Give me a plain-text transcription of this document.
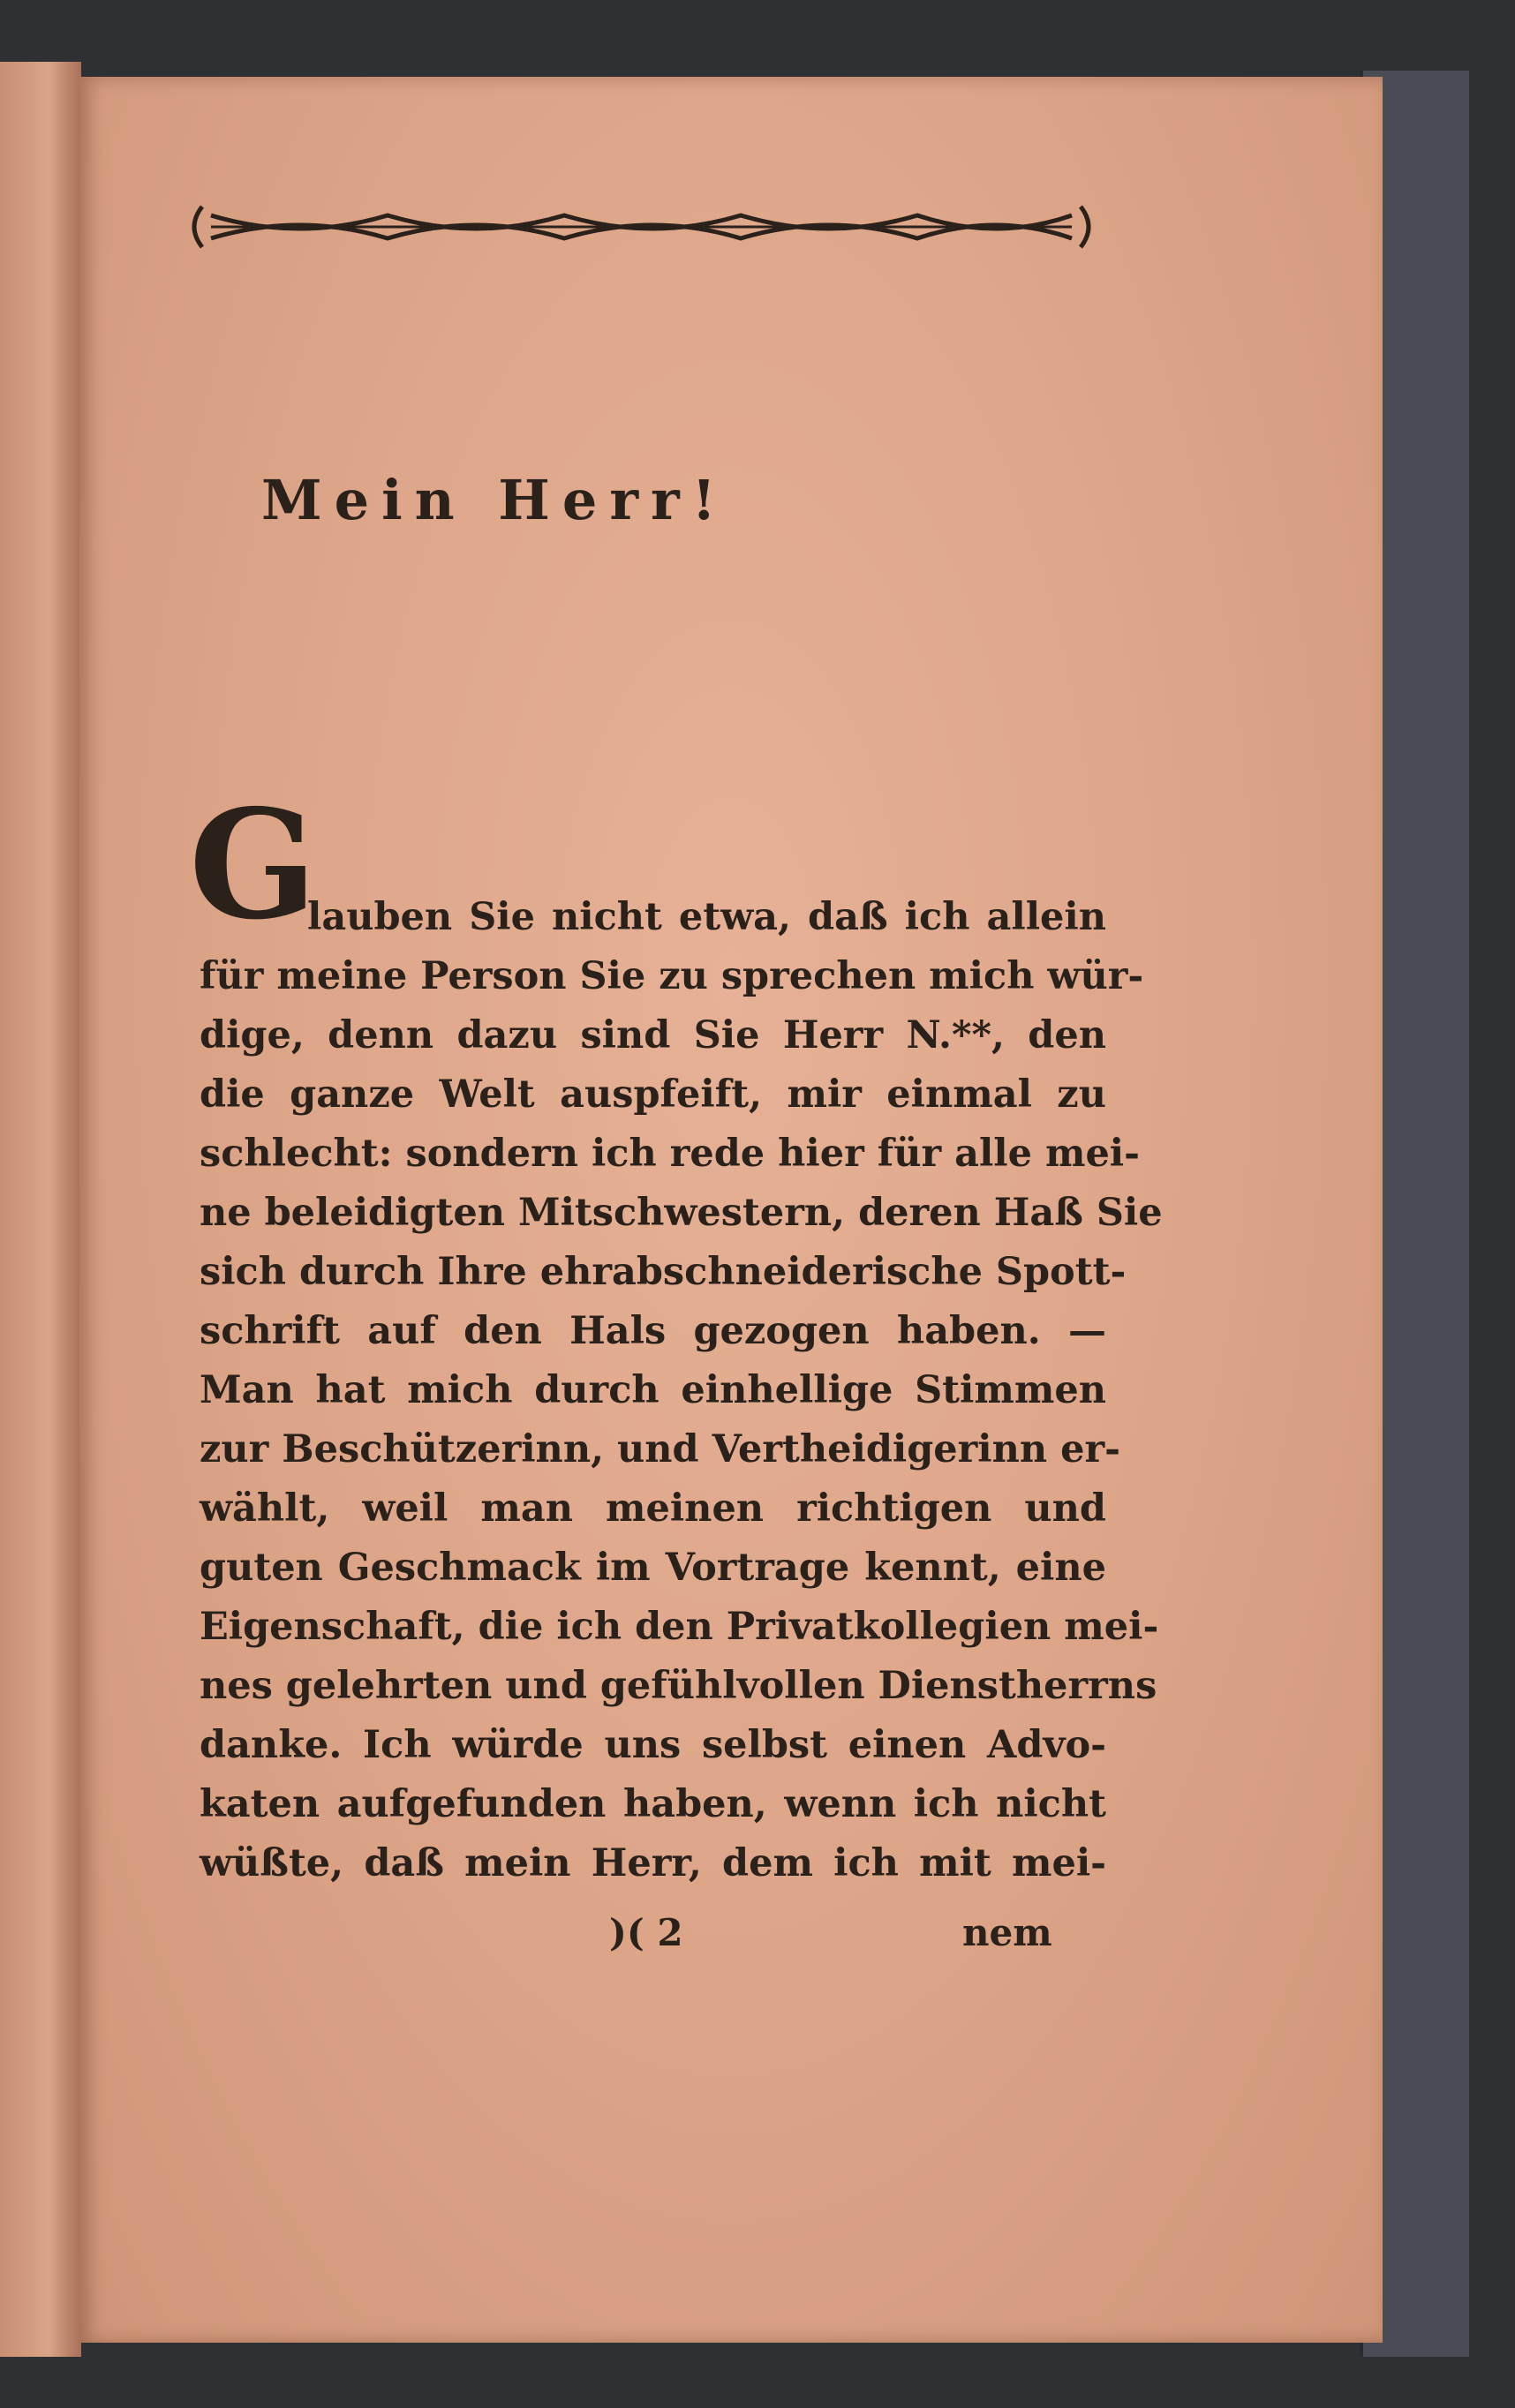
Mein Herr!
G
lauben Sie nicht etwa, daß ich allein
für meine Person Sie zu sprechen mich wür-
dige, denn dazu sind Sie Herr N.**, den
die ganze Welt auspfeift, mir einmal zu
schlecht: sondern ich rede hier für alle mei-
ne beleidigten Mitschwestern, deren Haß Sie
sich durch Ihre ehrabschneiderische Spott-
schrift auf den Hals gezogen haben. —
Man hat mich durch einhellige Stimmen
zur Beschützerinn, und Vertheidigerinn er-
wählt, weil man meinen richtigen und
guten Geschmack im Vortrage kennt, eine
Eigenschaft, die ich den Privatkollegien mei-
nes gelehrten und gefühlvollen Dienstherrns
danke. Ich würde uns selbst einen Advo-
katen aufgefunden haben, wenn ich nicht
wüßte, daß mein Herr, dem ich mit mei-
)( 2	nem
